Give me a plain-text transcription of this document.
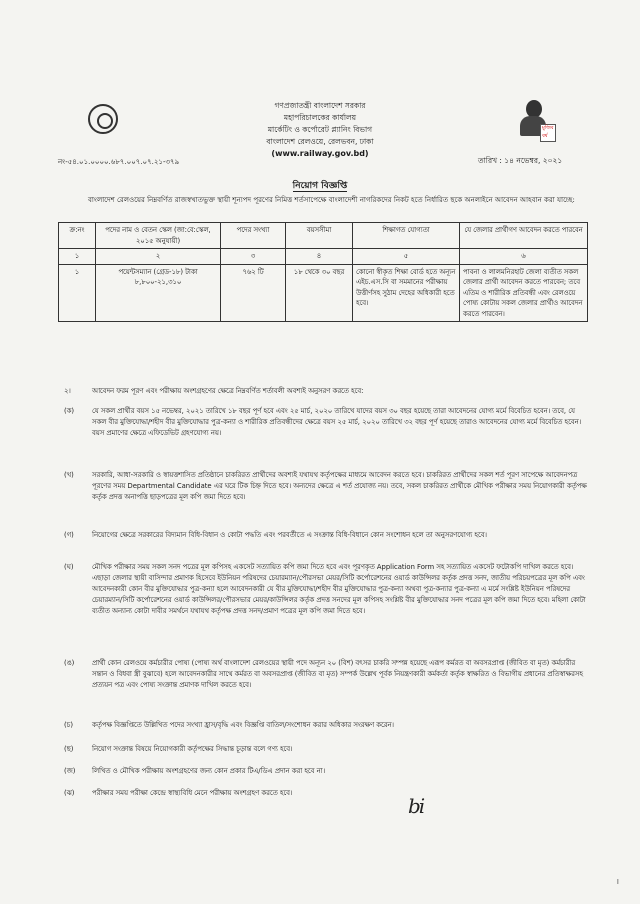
মুজিব বর্ষ
গণপ্রজাতন্ত্রী বাংলাদেশ সরকার
মহাপরিচালকের কার্যালয়
মার্কেটিং ও কর্পোরেট প্ল্যানিং বিভাগ
বাংলাদেশ রেলওয়ে, রেলভবন, ঢাকা
(www.railway.gov.bd)
নং-৫৪.০১.০০০০.৬৮৭.০০৭.০৭.২১-৩৭৯	তারিখ : ১৪ নভেম্বর, ২০২১
নিয়োগ বিজ্ঞপ্তি
বাংলাদেশ রেলওয়ের নিম্নবর্ণিত রাজস্বখাতভুক্ত স্থায়ী শূন্যপদ পূরণের নিমিত্ত শর্তসাপেক্ষে বাংলাদেশী নাগরিকদের নিকট হতে নির্ধারিত ছকে অনলাইনে আবেদন আহবান করা যাচ্ছে:
ক্র:নং	পদের নাম ও বেতন স্কেল (জা:বে:স্কেল, ২০১৫ অনুযায়ী)	পদের সংখ্যা	বয়সসীমা	শিক্ষাগত যোগ্যতা	যে জেলার প্রার্থীগণ আবেদন করতে পারবেন
১	২	৩	৪	৫	৬
১	পয়েন্টসম্যান (গ্রেড-১৮) টাকা ৮,৮০০-২১,৩১০	৭৬২ টি	১৮ থেকে ৩০ বছর	কোনো স্বীকৃত শিক্ষা বোর্ড হতে অন্যূন এইচ.এস.সি বা সমমানের পরীক্ষায় উত্তীর্ণসহ সুঠাম দেহের অধিকারী হতে হবে।	পাবনা ও লালমনিরহাট জেলা ব্যতীত সকল জেলার প্রার্থী আবেদন করতে পারবেন; তবে এতিম ও শারীরিক প্রতিবন্ধী এবং রেলওয়ে পোষ্য কোটায় সকল জেলার প্রার্থীও আবেদন করতে পারবেন।
২।	আবেদন ফরম পূরণ এবং পরীক্ষায় অংশগ্রহণের ক্ষেত্রে নিম্নবর্ণিত শর্তাবলী অবশ্যই অনুসরণ করতে হবে:
(ক)	যে সকল প্রার্থীর বয়স ১৫ নভেম্বর, ২০২১ তারিখে ১৮ বছর পূর্ণ হবে এবং ২৫ মার্চ, ২০২০ তারিখে যাদের বয়স ৩০ বছর হয়েছে তারা আবেদনের যোগ্য মর্মে বিবেচিত হবেন। তবে, যে সকল বীর মুক্তিযোদ্ধা/শহীদ বীর মুক্তিযোদ্ধার পুত্র-কন্যা ও শারীরিক প্রতিবন্ধীদের ক্ষেত্রে বয়স ২৫ মার্চ, ২০২০ তারিখে ৩২ বছর পূর্ণ হয়েছে তারাও আবেদনের যোগ্য মর্মে বিবেচিত হবেন। বয়স প্রমাণের ক্ষেত্রে এফিডেভিট গ্রহণযোগ্য নয়।
(খ)	সরকারি, আধা-সরকারি ও স্বায়ত্তশাসিত প্রতিষ্ঠানে চাকরিরত প্রার্থীদের অবশ্যই যথাযথ কর্তৃপক্ষের মাধ্যমে আবেদন করতে হবে। চাকরিরত প্রার্থীদের সকল শর্ত পূরণ সাপেক্ষে আবেদনপত্র পূরণের সময় Departmental Candidate এর ঘরে টিক চিহ্ন দিতে হবে। অন্যদের ক্ষেত্রে এ শর্ত প্রযোজ্য নয়। তবে, সকল চাকরিরত প্রার্থীকে মৌখিক পরীক্ষার সময় নিয়োগকারী কর্তৃপক্ষ কর্তৃক প্রদত্ত অনাপত্তি ছাড়পত্রের মূল কপি জমা দিতে হবে।
(গ)	নিয়োগের ক্ষেত্রে সরকারের বিদ্যমান বিধি-বিধান ও কোটা পদ্ধতি এবং পরবর্তীতে এ সংক্রান্ত বিধি-বিধানে কোন সংশোধন হলে তা অনুসরণযোগ্য হবে।
(ঘ)	মৌখিক পরীক্ষার সময় সকল সনদ পত্রের মূল কপিসহ একসেট সত্যায়িত কপি জমা দিতে হবে এবং পূরণকৃত Application Form সহ সত্যায়িত একসেট ফটোকপি দাখিল করতে হবে। এছাড়া জেলার স্থায়ী বাসিন্দার প্রমাণক হিসেবে ইউনিয়ন পরিষদের চেয়ারম্যান/পৌরসভা মেয়র/সিটি কর্পোরেশনের ওয়ার্ড কাউন্সিলর কর্তৃক প্রদত্ত সনদ, জাতীয় পরিচয়পত্রের মূল কপি এবং আবেদনকারী কোন বীর মুক্তিযোদ্ধার পুত্র-কন্যা হলে আবেদনকারী যে বীর মুক্তিযোদ্ধা/শহীদ বীর মুক্তিযোদ্ধার পুত্র-কন্যা অথবা পুত্র-কন্যার পুত্র-কন্যা এ মর্মে সংশ্লিষ্ট ইউনিয়ন পরিষদের চেয়ারম্যান/সিটি কর্পোরেশনের ওয়ার্ড কাউন্সিলর/পৌরসভার মেয়র/কাউন্সিলর কর্তৃক প্রদত্ত সনদের মূল কপিসহ সংশ্লিষ্ট বীর মুক্তিযোদ্ধার সনদ পত্রের মূল কপি জমা দিতে হবে। মহিলা কোটা ব্যতীত অন্যান্য কোটা দাবীর সমর্থনে যথাযথ কর্তৃপক্ষ প্রদত্ত সনদ/প্রমাণ পত্রের মূল কপি জমা দিতে হবে।
(ঙ)	প্রার্থী কোন রেলওয়ে কর্মচারীর পোষ্য (পোষ্য অর্থ বাংলাদেশ রেলওয়ের স্থায়ী পদে অন্যূন ২০ (বিশ) বৎসর চাকরি সম্পন্ন হয়েছে এরূপ কর্মরত বা অবসরপ্রাপ্ত (জীবিত বা মৃত) কর্মচারীর সন্তান ও বিধবা স্ত্রী বুঝাবে) হলে আবেদনকারীর সাথে কর্মরত বা অবসরপ্রাপ্ত (জীবিত বা মৃত) সম্পর্ক উল্লেখ পূর্বক নিয়ন্ত্রণকারী কর্মকর্তা কর্তৃক স্বাক্ষরিত ও বিভাগীয় প্রধানের প্রতিস্বাক্ষরসহ প্রত্যয়ন পত্র এবং পোষ্য সংক্রান্ত প্রমাণক দাখিল করতে হবে।
(চ)	কর্তৃপক্ষ বিজ্ঞপ্তিতে উল্লিখিত পদের সংখ্যা হ্রাস/বৃদ্ধি এবং বিজ্ঞপ্তি বাতিল/সংশোধন করার অধিকার সংরক্ষণ করেন।
(ছ)	নিয়োগ সংক্রান্ত বিষয়ে নিয়োগকারী কর্তৃপক্ষের সিদ্ধান্ত চূড়ান্ত বলে গণ্য হবে।
(জ) লিখিত ও মৌখিক পরীক্ষায় অংশগ্রহণের জন্য কোন প্রকার টিএ/ডিএ প্রদান করা হবে না।
(ঝ)	পরীক্ষার সময় পরীক্ষা কেন্দ্রে স্বাস্থ্যবিধি মেনে পরীক্ষায় অংশগ্রহণ করতে হবে।
bi
।
